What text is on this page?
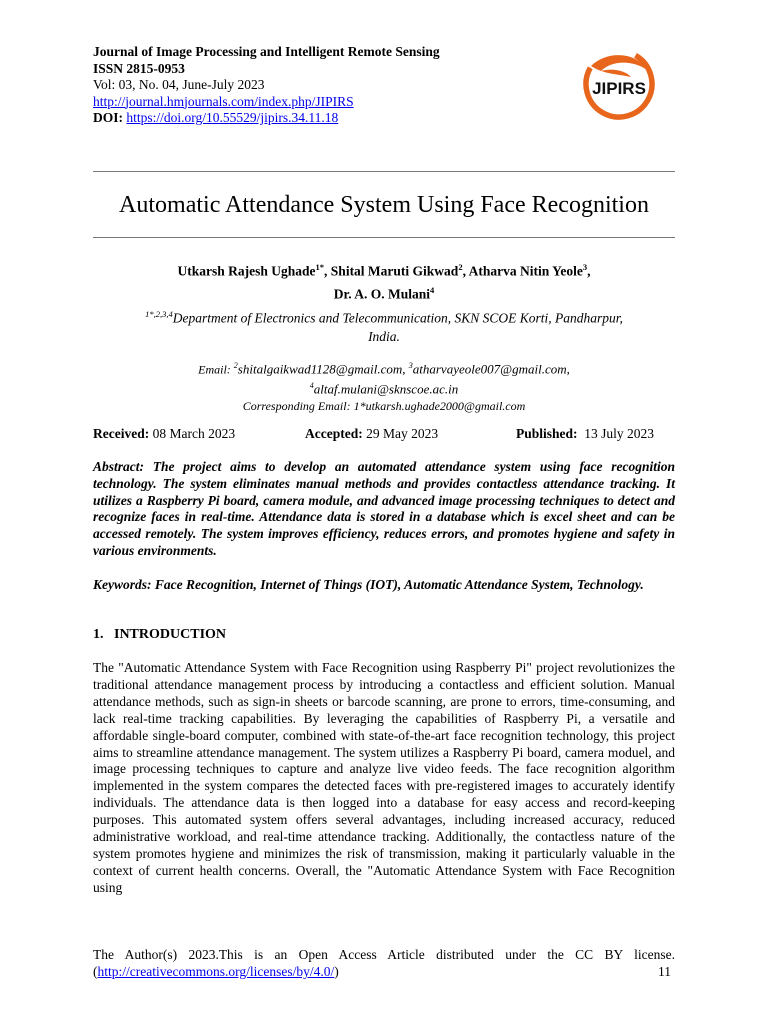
Journal of Image Processing and Intelligent Remote Sensing
ISSN 2815-0953
Vol: 03, No. 04, June-July 2023
http://journal.hmjournals.com/index.php/JIPIRS
DOI: https://doi.org/10.55529/jipirs.34.11.18
JIPIRS
Automatic Attendance System Using Face Recognition
Utkarsh Rajesh Ughade$^{1*}$, Shital Maruti Gikwad$^2$, Atharva Nitin Yeole$^3$,
Dr. A. O. Mulani$^4$
$^{1*,2,3,4}$Department of Electronics and Telecommunication, SKN SCOE Korti, Pandharpur,
India.
Email: $^2$shitalgaikwad1128@gmail.com, $^3$atharvayeole007@gmail.com,
$^4$altaf.mulani@sknscoe.ac.in
Corresponding Email: 1*utkarsh.ughade2000@gmail.com
Received: 08 March 2023	Accepted: 29 May 2023	Published: 13 July 2023
Abstract: The project aims to develop an automated attendance system using face recognition technology. The system eliminates manual methods and provides contactless attendance tracking. It utilizes a Raspberry Pi board, camera module, and advanced image processing techniques to detect and recognize faces in real-time. Attendance data is stored in a database which is excel sheet and can be accessed remotely. The system improves efficiency, reduces errors, and promotes hygiene and safety in various environments.
Keywords: Face Recognition, Internet of Things (IOT), Automatic Attendance System, Technology.
1.   INTRODUCTION
The "Automatic Attendance System with Face Recognition using Raspberry Pi" project revolutionizes the traditional attendance management process by introducing a contactless and efficient solution. Manual attendance methods, such as sign-in sheets or barcode scanning, are prone to errors, time-consuming, and lack real-time tracking capabilities. By leveraging the capabilities of Raspberry Pi, a versatile and affordable single-board computer, combined with state-of-the-art face recognition technology, this project aims to streamline attendance management. The system utilizes a Raspberry Pi board, camera moduel, and image processing techniques to capture and analyze live video feeds. The face recognition algorithm implemented in the system compares the detected faces with pre-registered images to accurately identify individuals. The attendance data is then logged into a database for easy access and record-keeping purposes. This automated system offers several advantages, including increased accuracy, reduced administrative workload, and real-time attendance tracking. Additionally, the contactless nature of the system promotes hygiene and minimizes the risk of transmission, making it particularly valuable in the context of current health concerns. Overall, the "Automatic Attendance System with Face Recognition using
The Author(s) 2023.This is an Open Access Article distributed under the CC BY license.
(http://creativecommons.org/licenses/by/4.0/)	11
